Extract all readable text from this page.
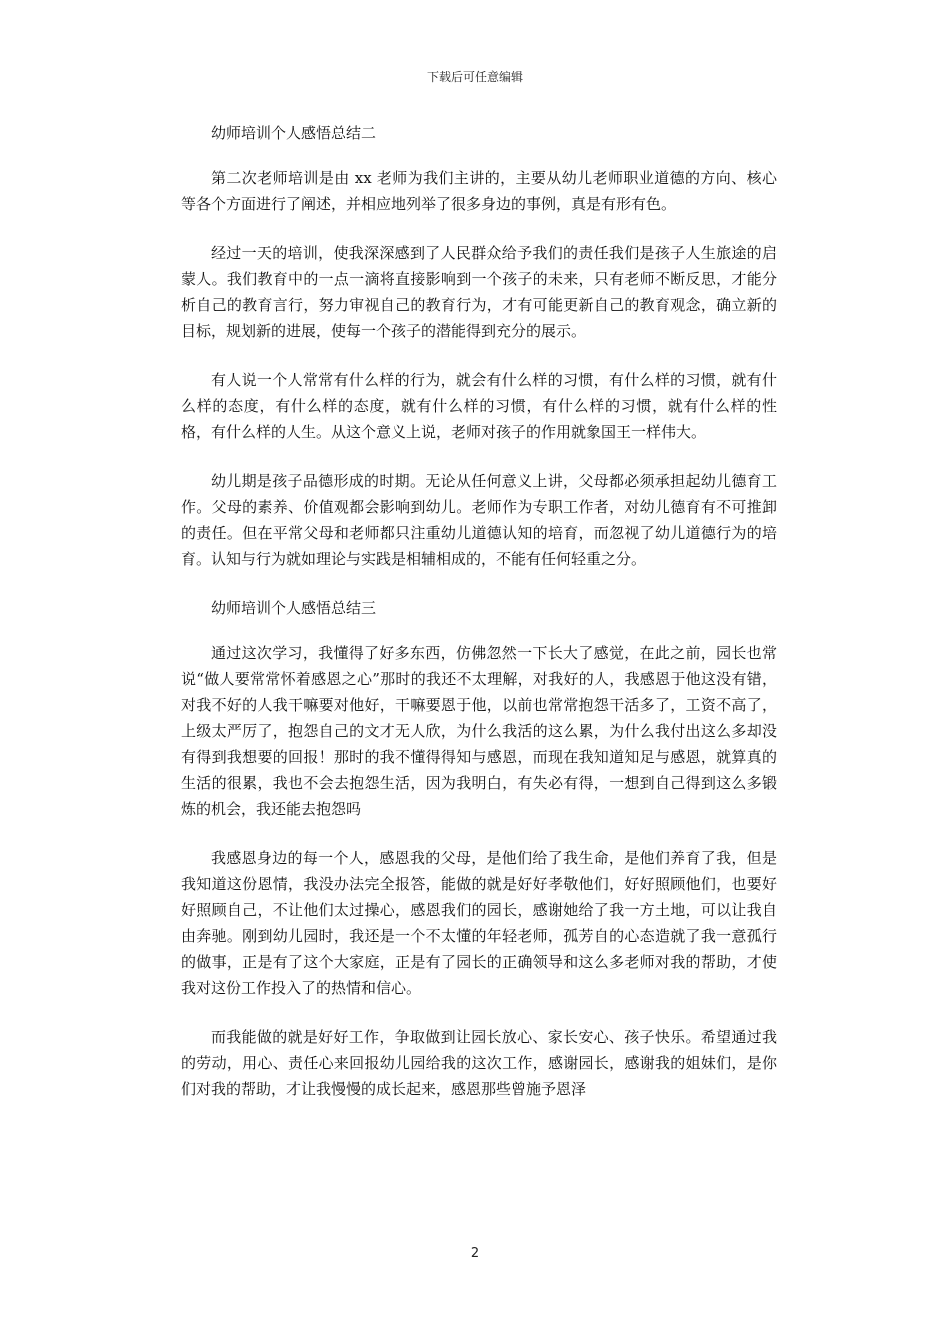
下载后可任意编辑

幼师培训个人感悟总结二

第二次老师培训是由 xx 老师为我们主讲的，主要从幼儿老师职业道德的方向、核心等各个方面进行了阐述，并相应地列举了很多身边的事例，真是有形有色。

经过一天的培训，使我深深感到了人民群众给予我们的责任我们是孩子人生旅途的启蒙人。我们教育中的一点一滴将直接影响到一个孩子的未来，只有老师不断反思，才能分析自己的教育言行，努力审视自己的教育行为，才有可能更新自己的教育观念，确立新的目标，规划新的进展，使每一个孩子的潜能得到充分的展示。

有人说一个人常常有什么样的行为，就会有什么样的习惯，有什么样的习惯，就有什么样的态度，有什么样的态度，就有什么样的习惯，有什么样的习惯，就有什么样的性格，有什么样的人生。从这个意义上说，老师对孩子的作用就象国王一样伟大。

幼儿期是孩子品德形成的时期。无论从任何意义上讲，父母都必须承担起幼儿德育工作。父母的素养、价值观都会影响到幼儿。老师作为专职工作者，对幼儿德育有不可推卸的责任。但在平常父母和老师都只注重幼儿道德认知的培育，而忽视了幼儿道德行为的培育。认知与行为就如理论与实践是相辅相成的，不能有任何轻重之分。

幼师培训个人感悟总结三

通过这次学习，我懂得了好多东西，仿佛忽然一下长大了感觉，在此之前，园长也常说“做人要常常怀着感恩之心”那时的我还不太理解，对我好的人，我感恩于他这没有错，对我不好的人我干嘛要对他好，干嘛要恩于他，以前也常常抱怨干活多了，工资不高了，上级太严厉了，抱怨自己的文才无人欣，为什么我活的这么累，为什么我付出这么多却没有得到我想要的回报！那时的我不懂得得知与感恩，而现在我知道知足与感恩，就算真的生活的很累，我也不会去抱怨生活，因为我明白，有失必有得，一想到自己得到这么多锻炼的机会，我还能去抱怨吗

我感恩身边的每一个人，感恩我的父母，是他们给了我生命，是他们养育了我，但是我知道这份恩情，我没办法完全报答，能做的就是好好孝敬他们，好好照顾他们，也要好好照顾自己，不让他们太过操心，感恩我们的园长，感谢她给了我一方土地，可以让我自由奔驰。刚到幼儿园时，我还是一个不太懂的年轻老师，孤芳自的心态造就了我一意孤行的做事，正是有了这个大家庭，正是有了园长的正确领导和这么多老师对我的帮助，才使我对这份工作投入了的热情和信心。

而我能做的就是好好工作，争取做到让园长放心、家长安心、孩子快乐。希望通过我的劳动，用心、责任心来回报幼儿园给我的这次工作，感谢园长，感谢我的姐妹们，是你们对我的帮助，才让我慢慢的成长起来，感恩那些曾施予恩泽

2
